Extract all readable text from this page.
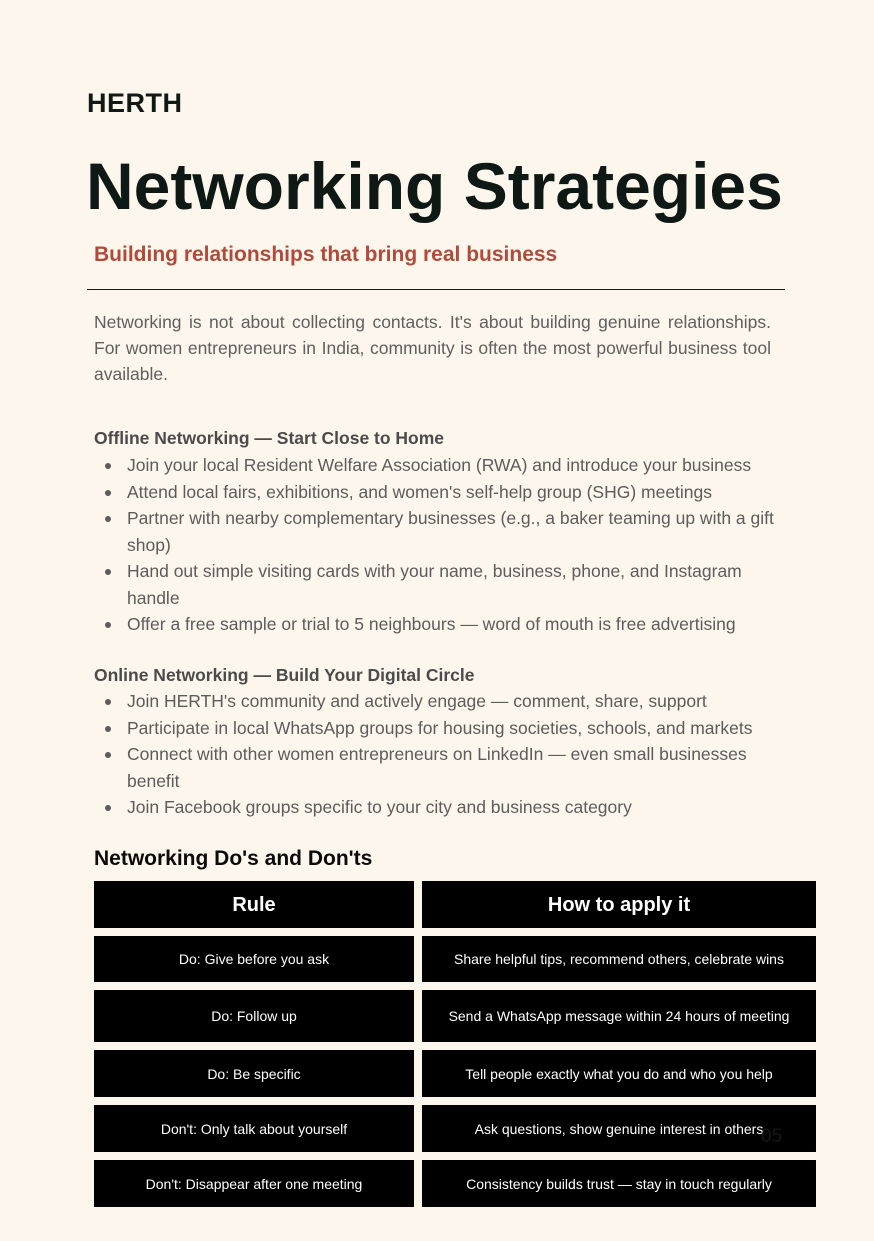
HERTH
Networking Strategies
Building relationships that bring real business

Networking is not about collecting contacts. It's about building genuine relationships. For women entrepreneurs in India, community is often the most powerful business tool available.

Offline Networking — Start Close to Home
Join your local Resident Welfare Association (RWA) and introduce your business
Attend local fairs, exhibitions, and women's self-help group (SHG) meetings
Partner with nearby complementary businesses (e.g., a baker teaming up with a gift shop)
Hand out simple visiting cards with your name, business, phone, and Instagram handle
Offer a free sample or trial to 5 neighbours — word of mouth is free advertising
Online Networking — Build Your Digital Circle
Join HERTH's community and actively engage — comment, share, support
Participate in local WhatsApp groups for housing societies, schools, and markets
Connect with other women entrepreneurs on LinkedIn — even small businesses benefit
Join Facebook groups specific to your city and business category
Networking Do's and Don'ts
Rule	How to apply it
Do: Give before you ask	Share helpful tips, recommend others, celebrate wins
Do: Follow up	Send a WhatsApp message within 24 hours of meeting
Do: Be specific	Tell people exactly what you do and who you help
Don't: Only talk about yourself	Ask questions, show genuine interest in others
Don't: Disappear after one meeting	Consistency builds trust — stay in touch regularly
05
